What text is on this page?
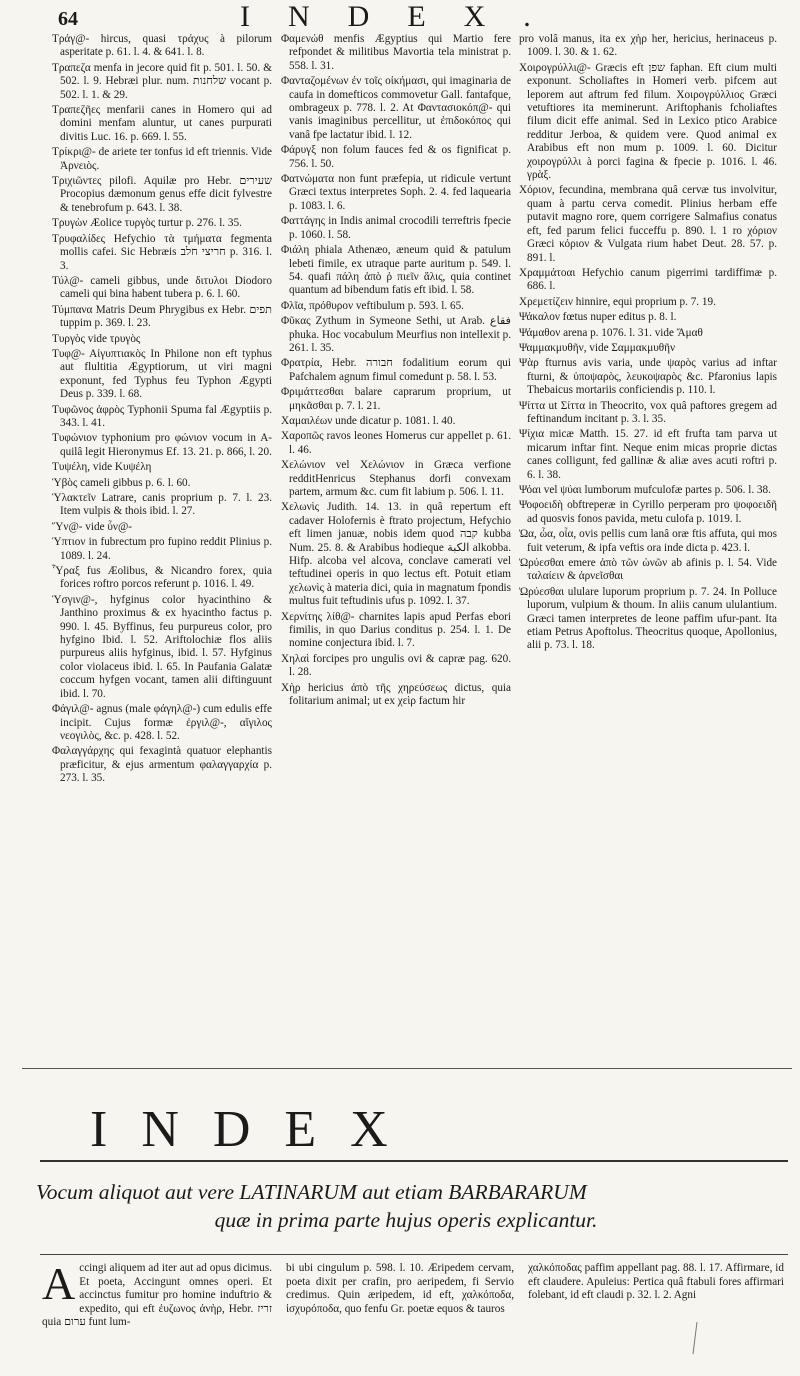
64	INDEX.
Τράγ@- hircus, quasi τράχυς à pilorum asperitate p. 61. l. 4. & 641. l. 8.
Τραπεζα menfa in jecore quid fit p. 501. l. 50. & 502. l. 9. Hebræi plur. num. שלחנות vocant p. 502. l. 1. & 29.
Τραπεζῆες menfarii canes in Homero qui ad domini menfam aluntur, ut canes purpurati divitis Luc. 16. p. 669. l. 55.
Τρίκρι@- de ariete ter tonfus id eft triennis. Vide Ἀρνειὸς.
Τριχιῶντες pilofi. Aquilæ pro Hebr. שעירים Procopius dæmonum genus effe dicit fylvestre & tenebrofum p. 643. l. 38.
Τρυγὼν Æolice τυργὸς turtur p. 276. l. 35.
Τρυφαλίδες Hefychio τὰ τμήματα fegmenta mollis cafei. Sic Hebræis חריצי חלב p. 316. l. 3.
Τύλ@- cameli gibbus, unde διτυλοι Diodoro cameli qui bina habent tubera p. 6. l. 60.
Τύμπανα Matris Deum Phrygibus ex Hebr. תפים tuppim p. 369. l. 23.
Τυργὸς vide τρυγὸς
Τυφ@- Αἰγυπτιακὸς In Philone non eft typhus aut flultitia Ægyptiorum, ut viri magni exponunt, fed Typhus feu Typhon Ægypti Deus p. 339. l. 68.
Τυφῶνος ἀφρὸς Typhonii Spuma fal Ægyptiis p. 343. l. 41.
Τυφώνιον typhonium pro φώνιον vocum in A-quilâ legit Hieronymus Ef. 13. 21. p. 866, l. 20.
Τυψέλη, vide Κυψέλη
Ὑβὸς cameli gibbus p. 6. l. 60.
Ὑλακτεῖν Latrare, canis proprium p. 7. l. 23. Item vulpis & thois ibid. l. 27.
Ὕν@- vide ὗν@-
Ὑπτιον in fubrectum pro fupino reddit Plinius p. 1089. l. 24.
Ὗραξ fus Æolibus, & Nicandro forex, quia forices roftro porcos referunt p. 1016. l. 49.
Ὑσγιν@-, hyfginus color hyacinthino & Janthino proximus & ex hyacintho factus p. 990. l. 45. Byffinus, feu purpureus color, pro hyfgino Ibid. l. 52. Ariftolochiæ flos aliis purpureus aliis hyfginus, ibid. l. 57. Hyfginus color violaceus ibid. l. 65. In Paufania Galatæ coccum hyfgen vocant, tamen alii diftinguunt ibid. l. 70.
Φάγιλ@- agnus (male φάγηλ@-) cum edulis effe incipit. Cujus formæ ἐργιλ@-, αἴγιλος νεογιλὸς, &c. p. 428. l. 52.
Φαλαγγάρχης qui fexagintà quatuor elephantis præficitur, & ejus armentum φαλαγγαρχία p. 273. l. 35.
Φαμενώθ menfis Ægyptius qui Martio fere refpondet & militibus Mavortia tela ministrat p. 558. l. 31.
Φανταζομένων ἐν τοῖς οἰκήμασι, qui imaginaria de caufa in domefticos commovetur Gall. fantafque, ombrageux p. 778. l. 2. At Φαντασιοκόπ@- qui vanis imaginibus percellitur, ut ἐπιδοκόπος qui vanâ fpe lactatur ibid. l. 12.
Φάρυγξ non folum fauces fed & os fignificat p. 756. l. 50.
Φατνώματα non funt præfepia, ut ridicule vertunt Græci textus interpretes Soph. 2. 4. fed laquearia p. 1083. l. 6.
Φαττάγης in Indis animal crocodili terreftris fpecie p. 1060. l. 58.
Φιάλη phiala Athenæo, æneum quid & patulum lebeti fimile, ex utraque parte auritum p. 549. l. 54. quafi πάλη ἀπὸ ῥ πιεῖν ἅλις, quia continet quantum ad bibendum fatis eft ibid. l. 58.
Φλῖα, πρόθυρον veftibulum p. 593. l. 65.
Φῦκας Zythum in Symeone Sethi, ut Arab. فقاع phuka. Hoc vocabulum Meurfius non intellexit p. 261. l. 35.
Φρατρία, Hebr. חבורה fodalitium eorum qui Pafchalem agnum fimul comedunt p. 58. l. 53.
Φριμάττεσθαι balare caprarum proprium, ut μηκᾶσθαι p. 7. l. 21.
Χαμαιλέων unde dicatur p. 1081. l. 40.
Χαροπῶς ravos leones Homerus cur appellet p. 61. l. 46.
Χελώνιον vel Χελώνιον in Græca verfione redditHenricus Stephanus dorfi convexam partem, armum &c. cum fit labium p. 506. l. 11.
Χελωνὶς Judith. 14. 13. in quâ repertum eft cadaver Holofernis è ftrato projectum, Hefychio eft limen januæ, nobis idem quod קבה kubba Num. 25. 8. & Arabibus hodieque الكبة alkobba. Hifp. alcoba vel alcova, conclave camerati vel teftudinei operis in quo lectus eft. Potuit etiam χελωνὶς à materia dici, quia in magnatum fpondis multus fuit teftudinis ufus p. 1092. l. 37.
Χερνίτης λίθ@- charnites lapis apud Perfas ebori fimilis, in quo Darius conditus p. 254. l. 1. De nomine conjectura ibid. l. 7.
Χηλαὶ forcipes pro ungulis ovi & capræ pag. 620. l. 28.
Χὴρ hericius ἀπὸ τῆς χηρεύσεως dictus, quia folitarium animal; ut ex χεὶρ factum hir
pro volâ manus, ita ex χὴρ her, hericius, herinaceus p. 1009. l. 30. & 1. 62.
Χοιρογρύλλι@- Græcis eft שפן faphan. Eft cium multi exponunt. Scholiaftes in Homeri verb. pifcem aut leporem aut aftrum fed filum. Χοιρογρύλλιος Græci vetuftiores ita meminerunt. Ariftophanis fcholiaftes filum dicit effe animal. Sed in Lexico ptico Arabice redditur Jerboa, & quidem vere. Quod animal ex Arabibus eft non mum p. 1009. l. 60. Dicitur χοιρογρύλλι à porci fagina & fpecie p. 1016. l. 46. γρὰξ.
Χόριον, fecundina, membrana quâ cervæ tus involvitur, quam à partu cerva comedit. Plinius herbam effe putavit magno rore, quem corrigere Salmafius conatus eft, fed parum felici fucceffu p. 890. l. 1 ro χόριον Græci κόριον & Vulgata rium habet Deut. 28. 57. p. 891. l.
Χραμμάτοαι Hefychio canum pigerrimi tardiffimæ p. 686. l.
Χρεμετίζειν hinnire, equi proprium p. 7. 19.
Ψάκαλον fœtus nuper editus p. 8. l.
Ψάμαθον arena p. 1076. l. 31. vide Ἄμαθ
Ψαμμακμυθῆν, vide Σαμμακμυθῆν
Ψὰρ fturnus avis varia, unde ψαρὸς varius ad inftar fturni, & ὑποψαρὸς, λευκοψαρὸς &c. Pfaronius lapis Thebaicus mortariis conficiendis p. 110. l.
Ψίττα ut Σίττα in Theocrito, vox quâ paftores gregem ad feftinandum incitant p. 3. l. 35.
Ψίχια micæ Matth. 15. 27. id eft frufta tam parva ut micarum inftar fint. Neque enim micas proprie dictas canes colligunt, fed gallinæ & aliæ aves acuti roftri p. 6. l. 38.
Ψόαι vel ψύαι lumborum mufculofæ partes p. 506. l. 38.
Ψοφοειδὴ obftreperæ in Cyrillo perperam pro ψοφοειδῆ ad quosvis fonos pavida, metu culofa p. 1019. l.
Ὠα, ὦα, οἶα, ovis pellis cum lanâ oræ ftis affuta, qui mos fuit veterum, & ipfa veftis ora inde dicta p. 423. l.
Ὠρύεσθαι emere ἀπὸ τῶν ὠνῶν ab afinis p. l. 54. Vide ταλαίειν & ἀρνεῖσθαι
Ὠρύεσθαι ululare luporum proprium p. 7. 24. In Polluce luporum, vulpium & thoum. In aliis canum ululantium. Græci tamen interpretes de leone paffim ufur-pant. Ita etiam Petrus Apoftolus. Theocritus quoque, Apollonius, alii p. 73. l. 18.
INDEX
Vocum aliquot aut vere LATINARUM aut etiam BARBARARUM
quæ in prima parte hujus operis explicantur.
A ccingi aliquem ad iter aut ad opus dicimus. Et poeta, Accingunt omnes operi. Et accinctus fumitur pro homine induftrio & expedito, qui eft ἐυζωνος ἀνὴρ, Hebr. זריז quia ערום funt lum-
bi ubi cingulum p. 598. l. 10. Æripedem cervam, poeta dixit per crafin, pro aeripedem, fi Servio credimus. Quin æripedem, id eft, χαλκόποδα, ἰσχυρόποδα, quo fenfu Gr. poetæ equos & tauros
χαλκόποδας paffim appellant pag. 88. l. 17. Affirmare, id eft claudere. Apuleius: Pertica quâ ftabuli fores affirmari folebant, id eft claudi p. 32. l. 2. Agni
